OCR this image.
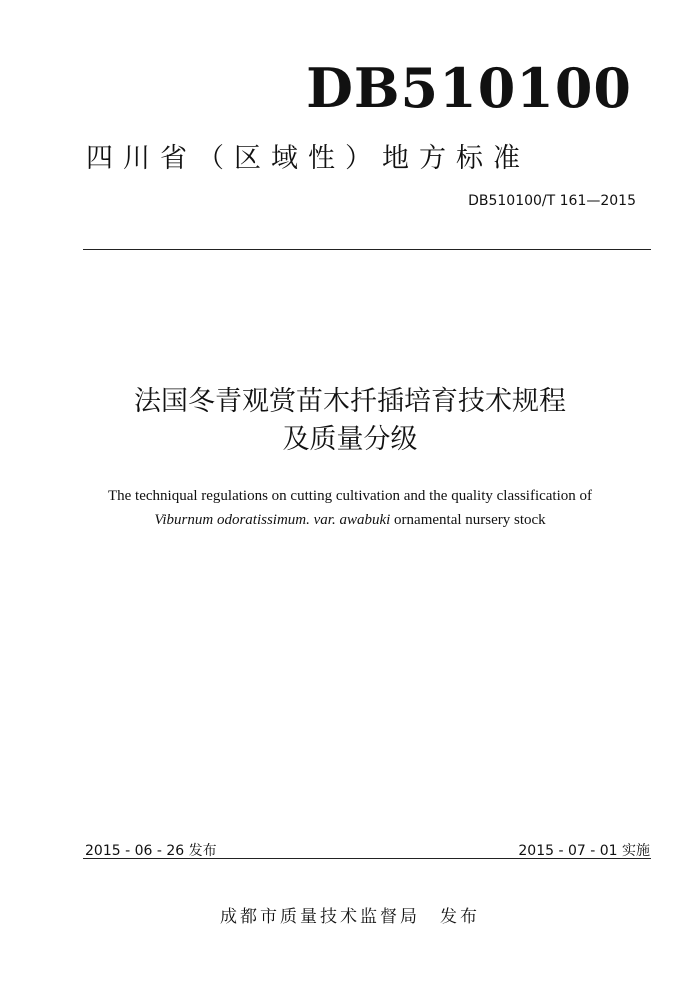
DB510100
四川省（区域性）地方标准
DB510100/T 161—2015
法国冬青观赏苗木扦插培育技术规程
及质量分级
The techniqual regulations on cutting cultivation and the quality classification of
Viburnum odoratissimum. var. awabuki ornamental nursery stock
2015 - 06 - 26 发布	2015 - 07 - 01 实施
成都市质量技术监督局 发布
